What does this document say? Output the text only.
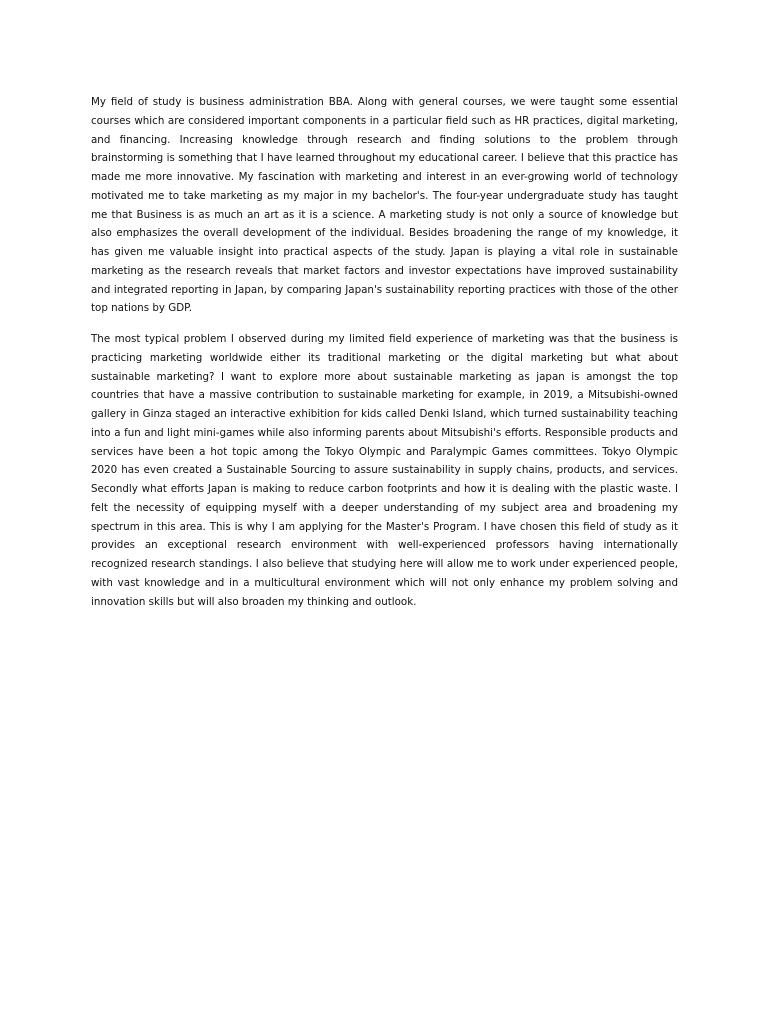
My field of study is business administration BBA. Along with general courses, we were taught some essential courses which are considered important components in a particular field such as HR practices, digital marketing, and financing. Increasing knowledge through research and finding solutions to the problem through brainstorming is something that I have learned throughout my educational career. I believe that this practice has made me more innovative. My fascination with marketing and interest in an ever-growing world of technology motivated me to take marketing as my major in my bachelor's. The four-year undergraduate study has taught me that Business is as much an art as it is a science. A marketing study is not only a source of knowledge but also emphasizes the overall development of the individual. Besides broadening the range of my knowledge, it has given me valuable insight into practical aspects of the study. Japan is playing a vital role in sustainable marketing as the research reveals that market factors and investor expectations have improved sustainability and integrated reporting in Japan, by comparing Japan's sustainability reporting practices with those of the other top nations by GDP.

The most typical problem I observed during my limited field experience of marketing was that the business is practicing marketing worldwide either its traditional marketing or the digital marketing but what about sustainable marketing? I want to explore more about sustainable marketing as japan is amongst the top countries that have a massive contribution to sustainable marketing for example, in 2019, a Mitsubishi-owned gallery in Ginza staged an interactive exhibition for kids called Denki Island, which turned sustainability teaching into a fun and light mini-games while also informing parents about Mitsubishi's efforts. Responsible products and services have been a hot topic among the Tokyo Olympic and Paralympic Games committees. Tokyo Olympic 2020 has even created a Sustainable Sourcing to assure sustainability in supply chains, products, and services. Secondly what efforts Japan is making to reduce carbon footprints and how it is dealing with the plastic waste. I felt the necessity of equipping myself with a deeper understanding of my subject area and broadening my spectrum in this area. This is why I am applying for the Master's Program. I have chosen this field of study as it provides an exceptional research environment with well-experienced professors having internationally recognized research standings. I also believe that studying here will allow me to work under experienced people, with vast knowledge and in a multicultural environment which will not only enhance my problem solving and innovation skills but will also broaden my thinking and outlook.
